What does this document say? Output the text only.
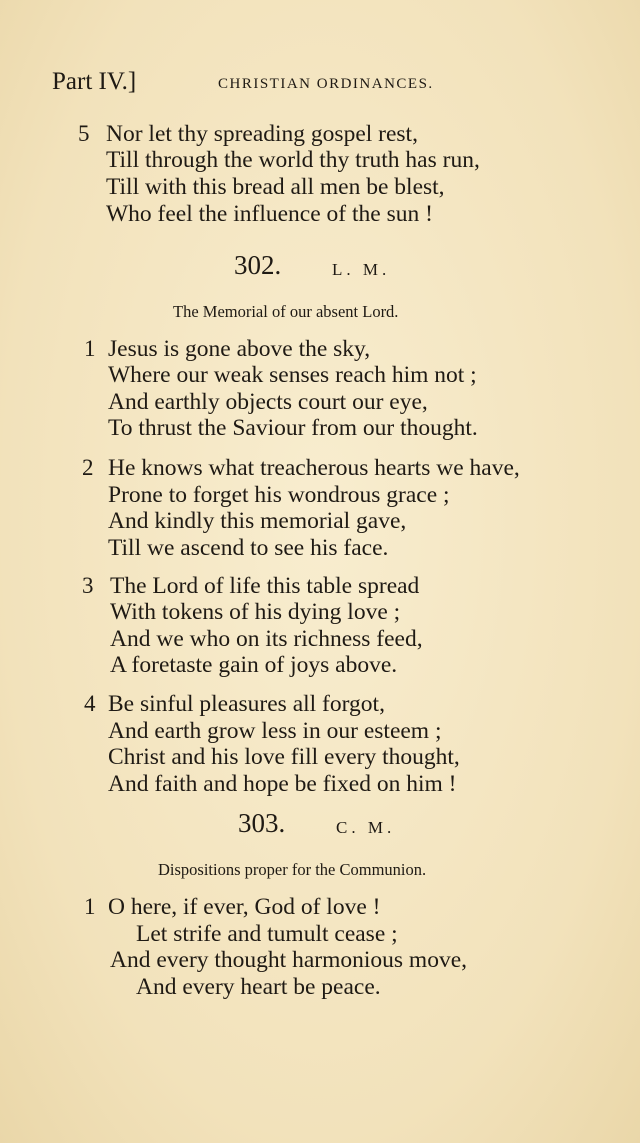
Part IV.]	CHRISTIAN ORDINANCES.
5 Nor let thy spreading gospel rest,
Till through the world thy truth has run,
Till with this bread all men be blest,
Who feel the influence of the sun !
302.	L. M.
The Memorial of our absent Lord.
1 Jesus is gone above the sky,
Where our weak senses reach him not ;
And earthly objects court our eye,
To thrust the Saviour from our thought.
2 He knows what treacherous hearts we have,
Prone to forget his wondrous grace ;
And kindly this memorial gave,
Till we ascend to see his face.
3 The Lord of life this table spread
With tokens of his dying love ;
And we who on its richness feed,
A foretaste gain of joys above.
4 Be sinful pleasures all forgot,
And earth grow less in our esteem ;
Christ and his love fill every thought,
And faith and hope be fixed on him !
303.	C. M.
Dispositions proper for the Communion.
1 O here, if ever, God of love !
Let strife and tumult cease ;
And every thought harmonious move,
And every heart be peace.
